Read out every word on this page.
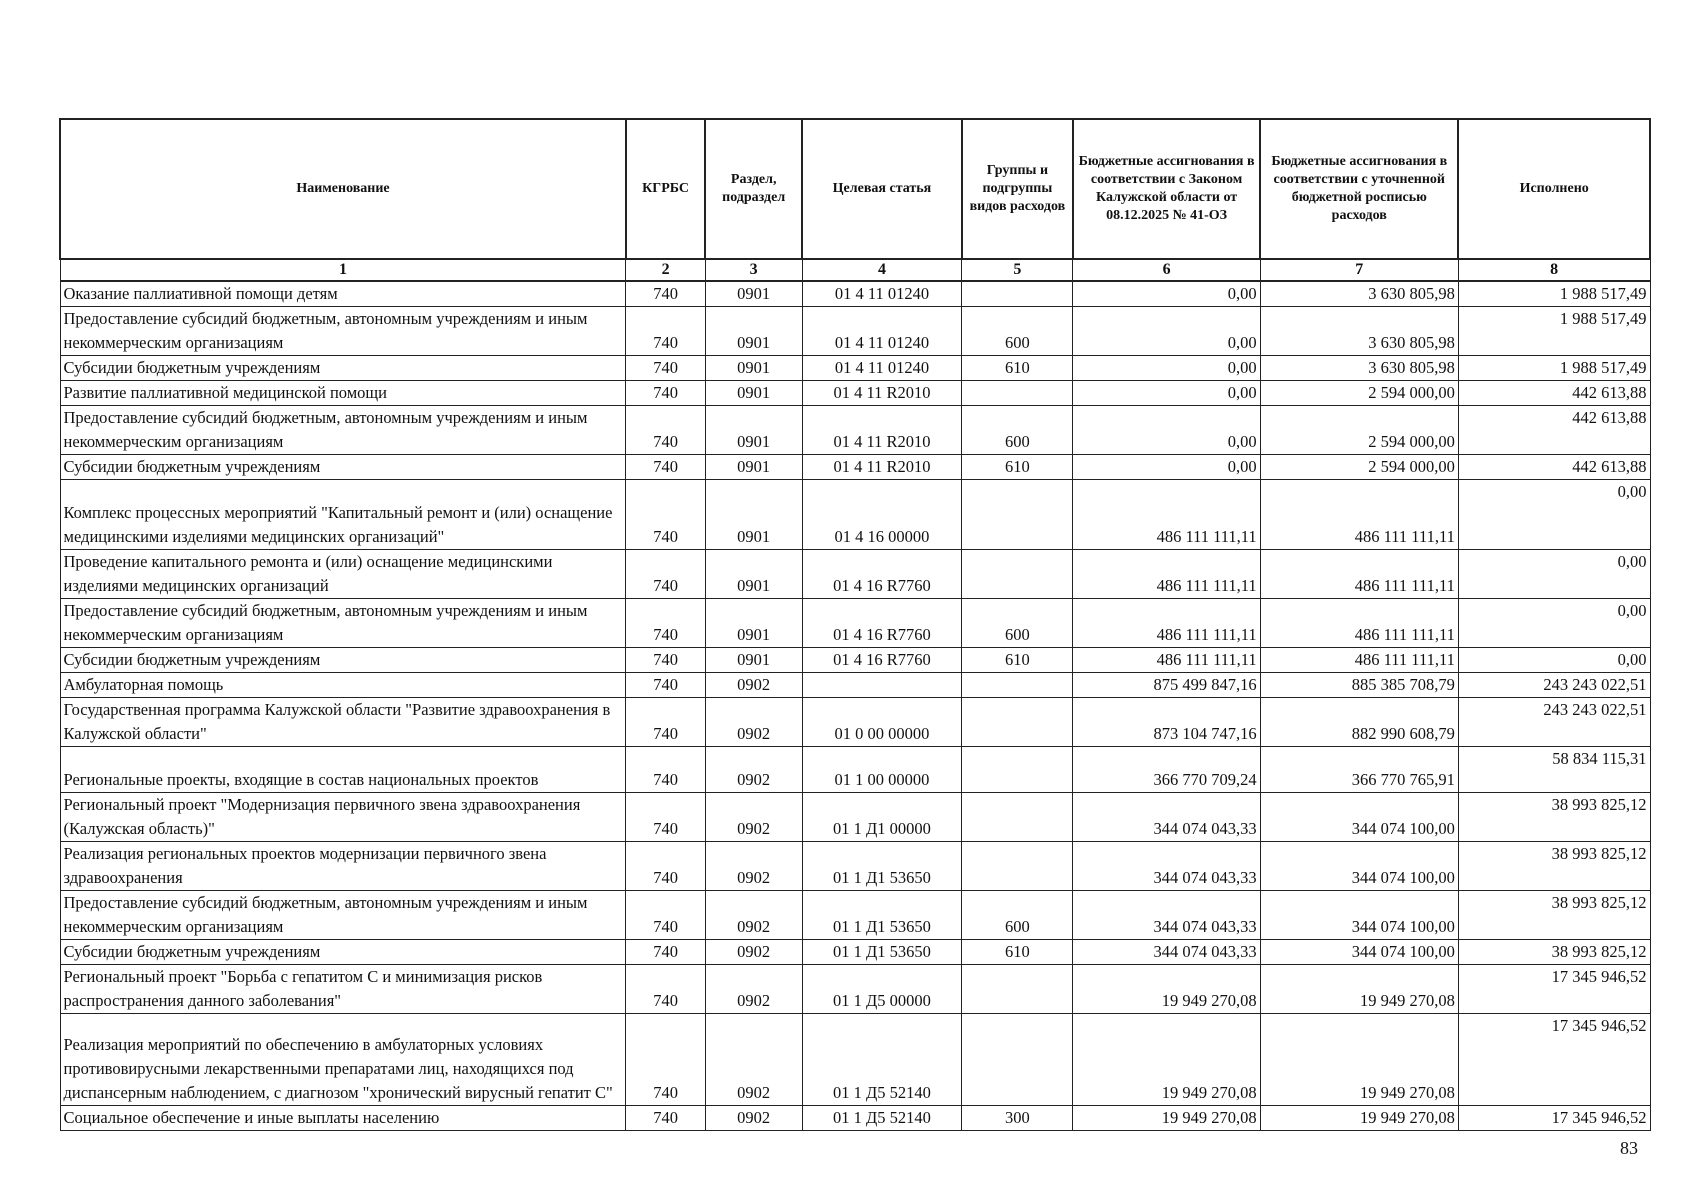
Наименование	КГРБС	Раздел, подраздел	Целевая статья	Группы и подгруппы видов расходов	Бюджетные ассигнования в соответствии с Законом Калужской области от 08.12.2025 № 41-ОЗ	Бюджетные ассигнования в соответствии с уточненной бюджетной росписью расходов	Исполнено
1	2	3	4	5	6	7	8
Оказание паллиативной помощи детям	740	0901	01 4 11 01240		0,00	3 630 805,98	1 988 517,49
Предоставление субсидий бюджетным, автономным учреждениям и иным некоммерческим организациям	740	0901	01 4 11 01240	600	0,00	3 630 805,98	1 988 517,49
Субсидии бюджетным учреждениям	740	0901	01 4 11 01240	610	0,00	3 630 805,98	1 988 517,49
Развитие паллиативной медицинской помощи	740	0901	01 4 11 R2010		0,00	2 594 000,00	442 613,88
Предоставление субсидий бюджетным, автономным учреждениям и иным некоммерческим организациям	740	0901	01 4 11 R2010	600	0,00	2 594 000,00	442 613,88
Субсидии бюджетным учреждениям	740	0901	01 4 11 R2010	610	0,00	2 594 000,00	442 613,88
Комплекс процессных мероприятий "Капитальный ремонт и (или) оснащение медицинскими изделиями медицинских организаций"	740	0901	01 4 16 00000		486 111 111,11	486 111 111,11	0,00
Проведение капитального ремонта и (или) оснащение медицинскими изделиями медицинских организаций	740	0901	01 4 16 R7760		486 111 111,11	486 111 111,11	0,00
Предоставление субсидий бюджетным, автономным учреждениям и иным некоммерческим организациям	740	0901	01 4 16 R7760	600	486 111 111,11	486 111 111,11	0,00
Субсидии бюджетным учреждениям	740	0901	01 4 16 R7760	610	486 111 111,11	486 111 111,11	0,00
Амбулаторная помощь	740	0902			875 499 847,16	885 385 708,79	243 243 022,51
Государственная программа Калужской области "Развитие здравоохранения в Калужской области"	740	0902	01 0 00 00000		873 104 747,16	882 990 608,79	243 243 022,51
Региональные проекты, входящие в состав национальных проектов	740	0902	01 1 00 00000		366 770 709,24	366 770 765,91	58 834 115,31
Региональный проект "Модернизация первичного звена здравоохранения (Калужская область)"	740	0902	01 1 Д1 00000		344 074 043,33	344 074 100,00	38 993 825,12
Реализация региональных проектов модернизации первичного звена здравоохранения	740	0902	01 1 Д1 53650		344 074 043,33	344 074 100,00	38 993 825,12
Предоставление субсидий бюджетным, автономным учреждениям и иным некоммерческим организациям	740	0902	01 1 Д1 53650	600	344 074 043,33	344 074 100,00	38 993 825,12
Субсидии бюджетным учреждениям	740	0902	01 1 Д1 53650	610	344 074 043,33	344 074 100,00	38 993 825,12
Региональный проект "Борьба с гепатитом С и минимизация рисков распространения данного заболевания"	740	0902	01 1 Д5 00000		19 949 270,08	19 949 270,08	17 345 946,52
Реализация мероприятий по обеспечению в амбулаторных условиях противовирусными лекарственными препаратами лиц, находящихся под диспансерным наблюдением, с диагнозом "хронический вирусный гепатит С"	740	0902	01 1 Д5 52140		19 949 270,08	19 949 270,08	17 345 946,52
Социальное обеспечение и иные выплаты населению	740	0902	01 1 Д5 52140	300	19 949 270,08	19 949 270,08	17 345 946,52
83
